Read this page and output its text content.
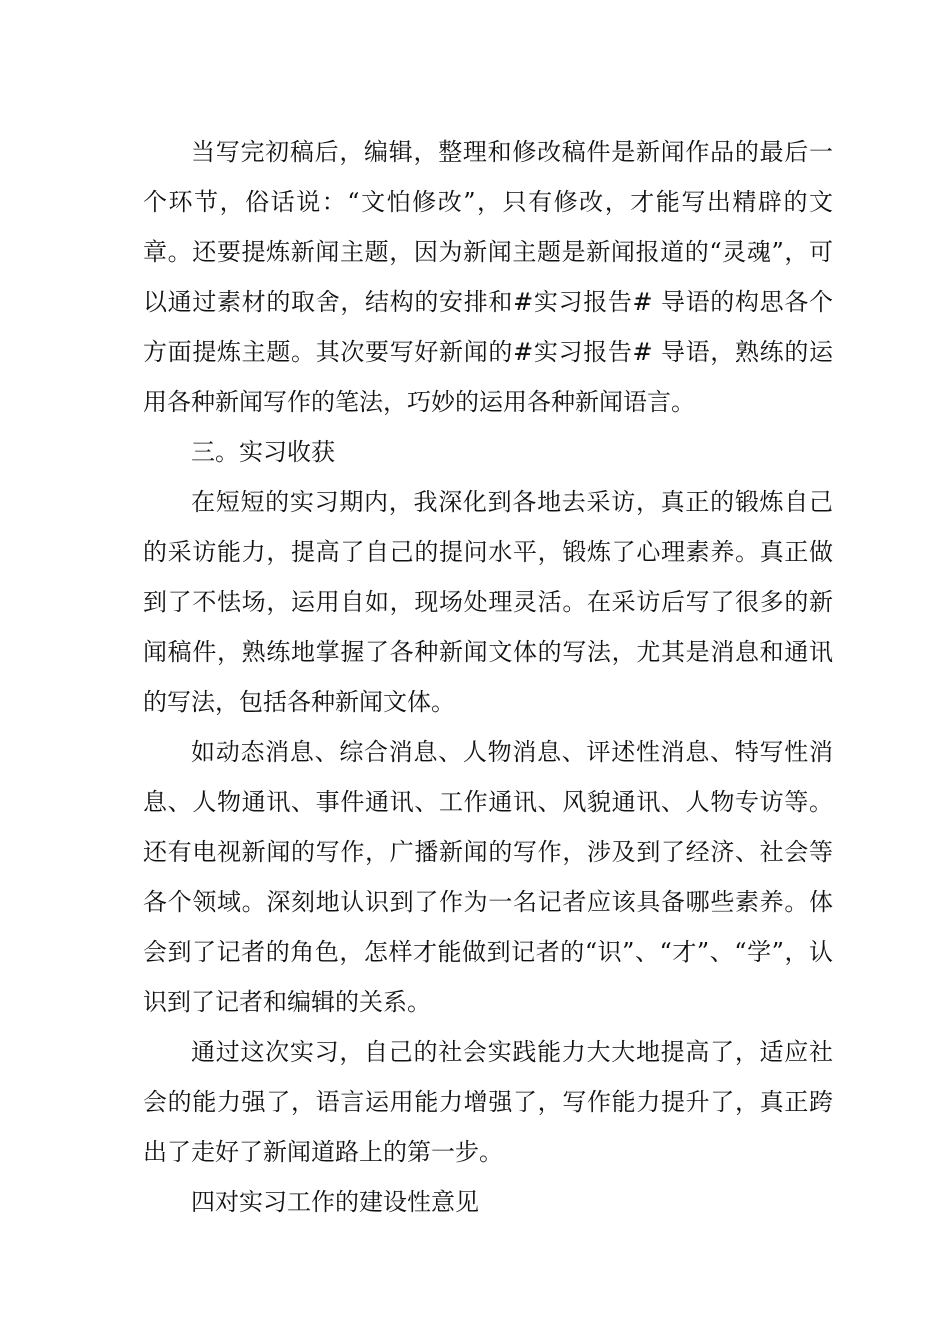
当写完初稿后，编辑，整理和修改稿件是新闻作品的最后一个环节，俗话说：“文怕修改”，只有修改，才能写出精辟的文章。还要提炼新闻主题，因为新闻主题是新闻报道的“灵魂”，可以通过素材的取舍，结构的安排和#实习报告# 导语的构思各个方面提炼主题。其次要写好新闻的#实习报告# 导语，熟练的运用各种新闻写作的笔法，巧妙的运用各种新闻语言。

三。实习收获

在短短的实习期内，我深化到各地去采访，真正的锻炼自己的采访能力，提高了自己的提问水平，锻炼了心理素养。真正做到了不怯场，运用自如，现场处理灵活。在采访后写了很多的新闻稿件，熟练地掌握了各种新闻文体的写法，尤其是消息和通讯的写法，包括各种新闻文体。

如动态消息、综合消息、人物消息、评述性消息、特写性消息、人物通讯、事件通讯、工作通讯、风貌通讯、人物专访等。还有电视新闻的写作，广播新闻的写作，涉及到了经济、社会等各个领域。深刻地认识到了作为一名记者应该具备哪些素养。体会到了记者的角色，怎样才能做到记者的“识”、“才”、“学”，认识到了记者和编辑的关系。

通过这次实习，自己的社会实践能力大大地提高了，适应社会的能力强了，语言运用能力增强了，写作能力提升了，真正跨出了走好了新闻道路上的第一步。

四对实习工作的建设性意见
